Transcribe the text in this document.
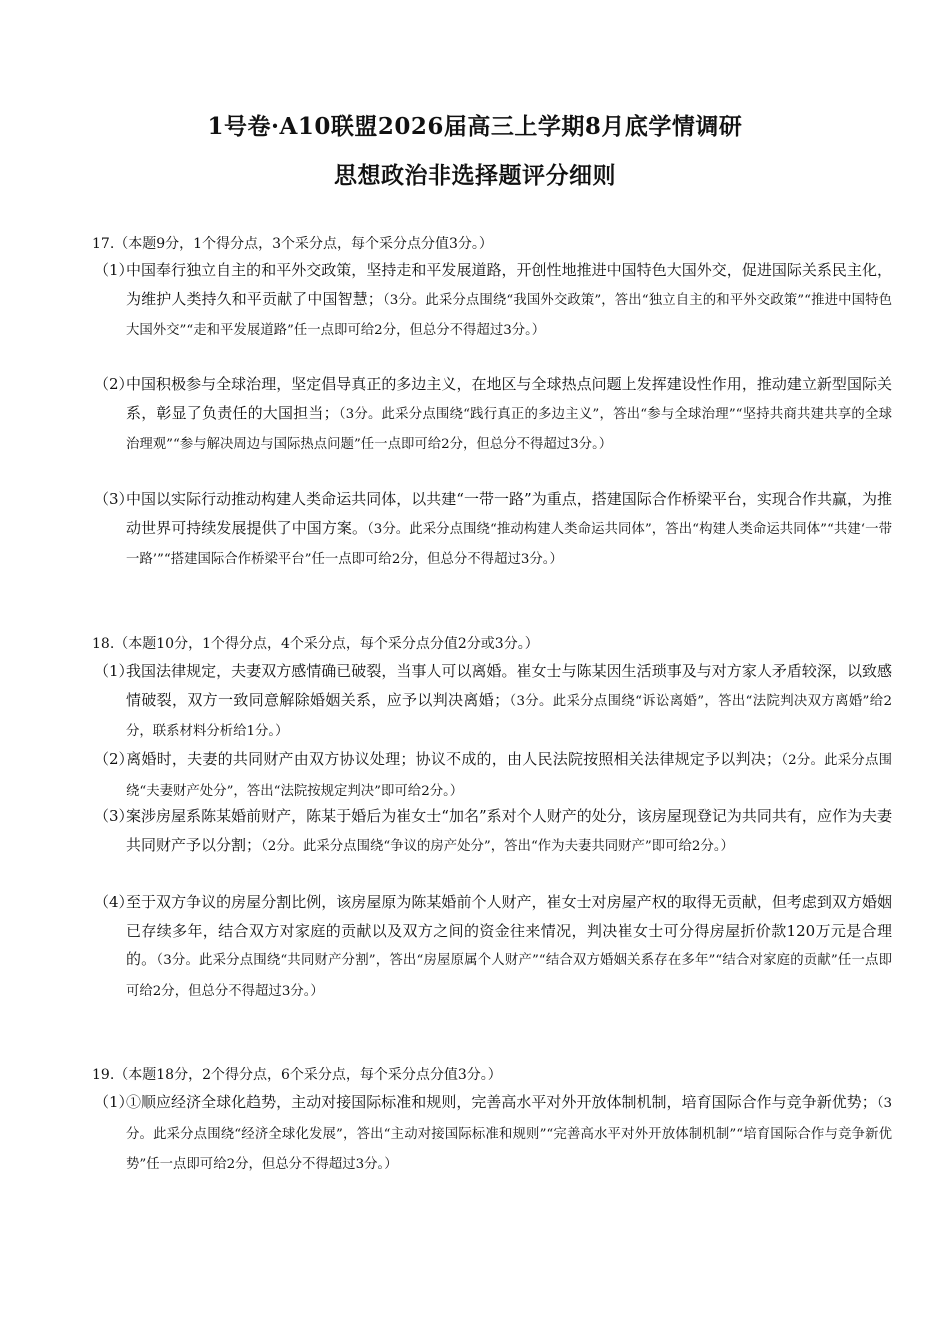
1号卷·A10联盟2026届高三上学期8月底学情调研
思想政治非选择题评分细则
17.（本题9分，1个得分点，3个采分点，每个采分点分值3分。）
（1）中国奉行独立自主的和平外交政策，坚持走和平发展道路，开创性地推进中国特色大国外交，促进国际关系民主化，为维护人类持久和平贡献了中国智慧；（3分。此采分点围绕“我国外交政策”，答出“独立自主的和平外交政策”“推进中国特色大国外交”“走和平发展道路”任一点即可给2分，但总分不得超过3分。）
（2）中国积极参与全球治理，坚定倡导真正的多边主义，在地区与全球热点问题上发挥建设性作用，推动建立新型国际关系，彰显了负责任的大国担当；（3分。此采分点围绕“践行真正的多边主义”，答出“参与全球治理”“坚持共商共建共享的全球治理观”“参与解决周边与国际热点问题”任一点即可给2分，但总分不得超过3分。）
（3）中国以实际行动推动构建人类命运共同体，以共建“一带一路”为重点，搭建国际合作桥梁平台，实现合作共赢，为推动世界可持续发展提供了中国方案。（3分。此采分点围绕“推动构建人类命运共同体”，答出“构建人类命运共同体”“共建‘一带一路’”“搭建国际合作桥梁平台”任一点即可给2分，但总分不得超过3分。）
18.（本题10分，1个得分点，4个采分点，每个采分点分值2分或3分。）
（1）我国法律规定，夫妻双方感情确已破裂，当事人可以离婚。崔女士与陈某因生活琐事及与对方家人矛盾较深，以致感情破裂，双方一致同意解除婚姻关系，应予以判决离婚；（3分。此采分点围绕“诉讼离婚”，答出“法院判决双方离婚”给2分，联系材料分析给1分。）
（2）离婚时，夫妻的共同财产由双方协议处理；协议不成的，由人民法院按照相关法律规定予以判决；（2分。此采分点围绕“夫妻财产处分”，答出“法院按规定判决”即可给2分。）
（3）案涉房屋系陈某婚前财产，陈某于婚后为崔女士“加名”系对个人财产的处分，该房屋现登记为共同共有，应作为夫妻共同财产予以分割；（2分。此采分点围绕“争议的房产处分”，答出“作为夫妻共同财产”即可给2分。）
（4）至于双方争议的房屋分割比例，该房屋原为陈某婚前个人财产，崔女士对房屋产权的取得无贡献，但考虑到双方婚姻已存续多年，结合双方对家庭的贡献以及双方之间的资金往来情况，判决崔女士可分得房屋折价款120万元是合理的。（3分。此采分点围绕“共同财产分割”，答出“房屋原属个人财产”“结合双方婚姻关系存在多年”“结合对家庭的贡献”任一点即可给2分，但总分不得超过3分。）
19.（本题18分，2个得分点，6个采分点，每个采分点分值3分。）
（1）①顺应经济全球化趋势，主动对接国际标准和规则，完善高水平对外开放体制机制，培育国际合作与竞争新优势；（3分。此采分点围绕“经济全球化发展”，答出“主动对接国际标准和规则”“完善高水平对外开放体制机制”“培育国际合作与竞争新优势”任一点即可给2分，但总分不得超过3分。）
